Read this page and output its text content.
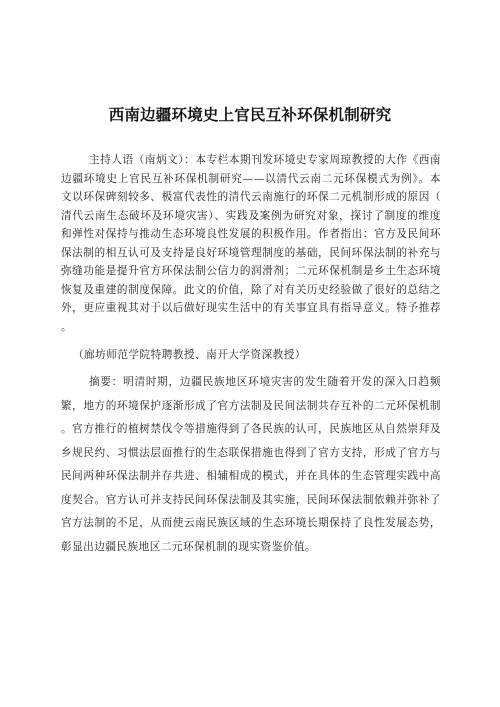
西南边疆环境史上官民互补环保机制研究

主持人语（南炳文）：本专栏本期刊发环境史专家周琼教授的大作《西南边疆环境史上官民互补环保机制研究——以清代云南二元环保模式为例》。本文以环保碑刻较多、极富代表性的清代云南施行的环保二元机制形成的原因（清代云南生态破坏及环境灾害）、实践及案例为研究对象，探讨了制度的维度和弹性对保持与推动生态环境良性发展的积极作用。作者指出：官方及民间环保法制的相互认可及支持是良好环境管理制度的基础，民间环保法制的补充与弥缝功能是提升官方环保法制公信力的润滑剂；二元环保机制是乡土生态环境恢复及重建的制度保障。此文的价值，除了对有关历史经验做了很好的总结之外，更应重视其对于以后做好现实生活中的有关事宜具有指导意义。特予推荐。

（廊坊师范学院特聘教授、南开大学资深教授）

摘要：明清时期，边疆民族地区环境灾害的发生随着开发的深入日趋频繁，地方的环境保护逐渐形成了官方法制及民间法制共存互补的二元环保机制。官方推行的植树禁伐令等措施得到了各民族的认可，民族地区从自然崇拜及乡规民约、习惯法层面推行的生态联保措施也得到了官方支持，形成了官方与民间两种环保法制并存共进、相辅相成的模式，并在具体的生态管理实践中高度契合。官方认可并支持民间环保法制及其实施，民间环保法制依赖并弥补了官方法制的不足，从而使云南民族区域的生态环境长期保持了良性发展态势，彰显出边疆民族地区二元环保机制的现实资鉴价值。
